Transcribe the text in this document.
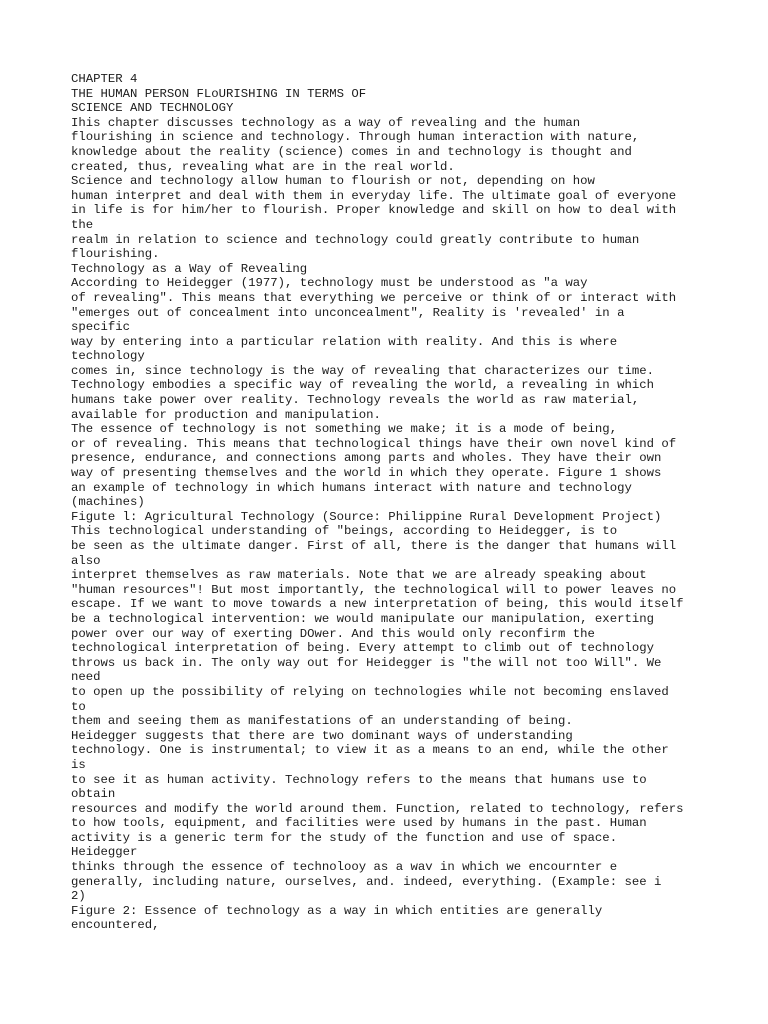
CHAPTER 4
THE HUMAN PERSON FLoURISHING IN TERMS OF
SCIENCE AND TECHNOLOGY
Ihis chapter discusses technology as a way of revealing and the human
flourishing in science and technology. Through human interaction with nature,
knowledge about the reality (science) comes in and technology is thought and
created, thus, revealing what are in the real world.
Science and technology allow human to flourish or not, depending on how
human interpret and deal with them in everyday life. The ultimate goal of everyone
in life is for him/her to flourish. Proper knowledge and skill on how to deal with
the
realm in relation to science and technology could greatly contribute to human
flourishing.
Technology as a Way of Revealing
According to Heidegger (1977), technology must be understood as "a way
of revealing". This means that everything we perceive or think of or interact with
"emerges out of concealment into unconcealment", Reality is 'revealed' in a
specific
way by entering into a particular relation with reality. And this is where
technology
comes in, since technology is the way of revealing that characterizes our time.
Technology embodies a specific way of revealing the world, a revealing in which
humans take power over reality. Technology reveals the world as raw material,
available for production and manipulation.
The essence of technology is not something we make; it is a mode of being,
or of revealing. This means that technological things have their own novel kind of
presence, endurance, and connections among parts and wholes. They have their own
way of presenting themselves and the world in which they operate. Figure 1 shows
an example of technology in which humans interact with nature and technology
(machines)
Figute l: Agricultural Technology (Source: Philippine Rural Development Project)
This technological understanding of "beings, according to Heidegger, is to
be seen as the ultimate danger. First of all, there is the danger that humans will
also
interpret themselves as raw materials. Note that we are already speaking about
"human resources"! But most importantly, the technological will to power leaves no
escape. If we want to move towards a new interpretation of being, this would itself
be a technological intervention: we would manipulate our manipulation, exerting
power over our way of exerting DOwer. And this would only reconfirm the
technological interpretation of being. Every attempt to climb out of technology
throws us back in. The only way out for Heidegger is "the will not too Will". We
need
to open up the possibility of relying on technologies while not becoming enslaved
to
them and seeing them as manifestations of an understanding of being.
Heidegger suggests that there are two dominant ways of understanding
technology. One is instrumental; to view it as a means to an end, while the other
is
to see it as human activity. Technology refers to the means that humans use to
obtain
resources and modify the world around them. Function, related to technology, refers
to how tools, equipment, and facilities were used by humans in the past. Human
activity is a generic term for the study of the function and use of space.
Heidegger
thinks through the essence of technolooy as a wav in which we encournter e
generally, including nature, ourselves, and. indeed, everything. (Example: see i
2)
Figure 2: Essence of technology as a way in which entities are generally
encountered,
